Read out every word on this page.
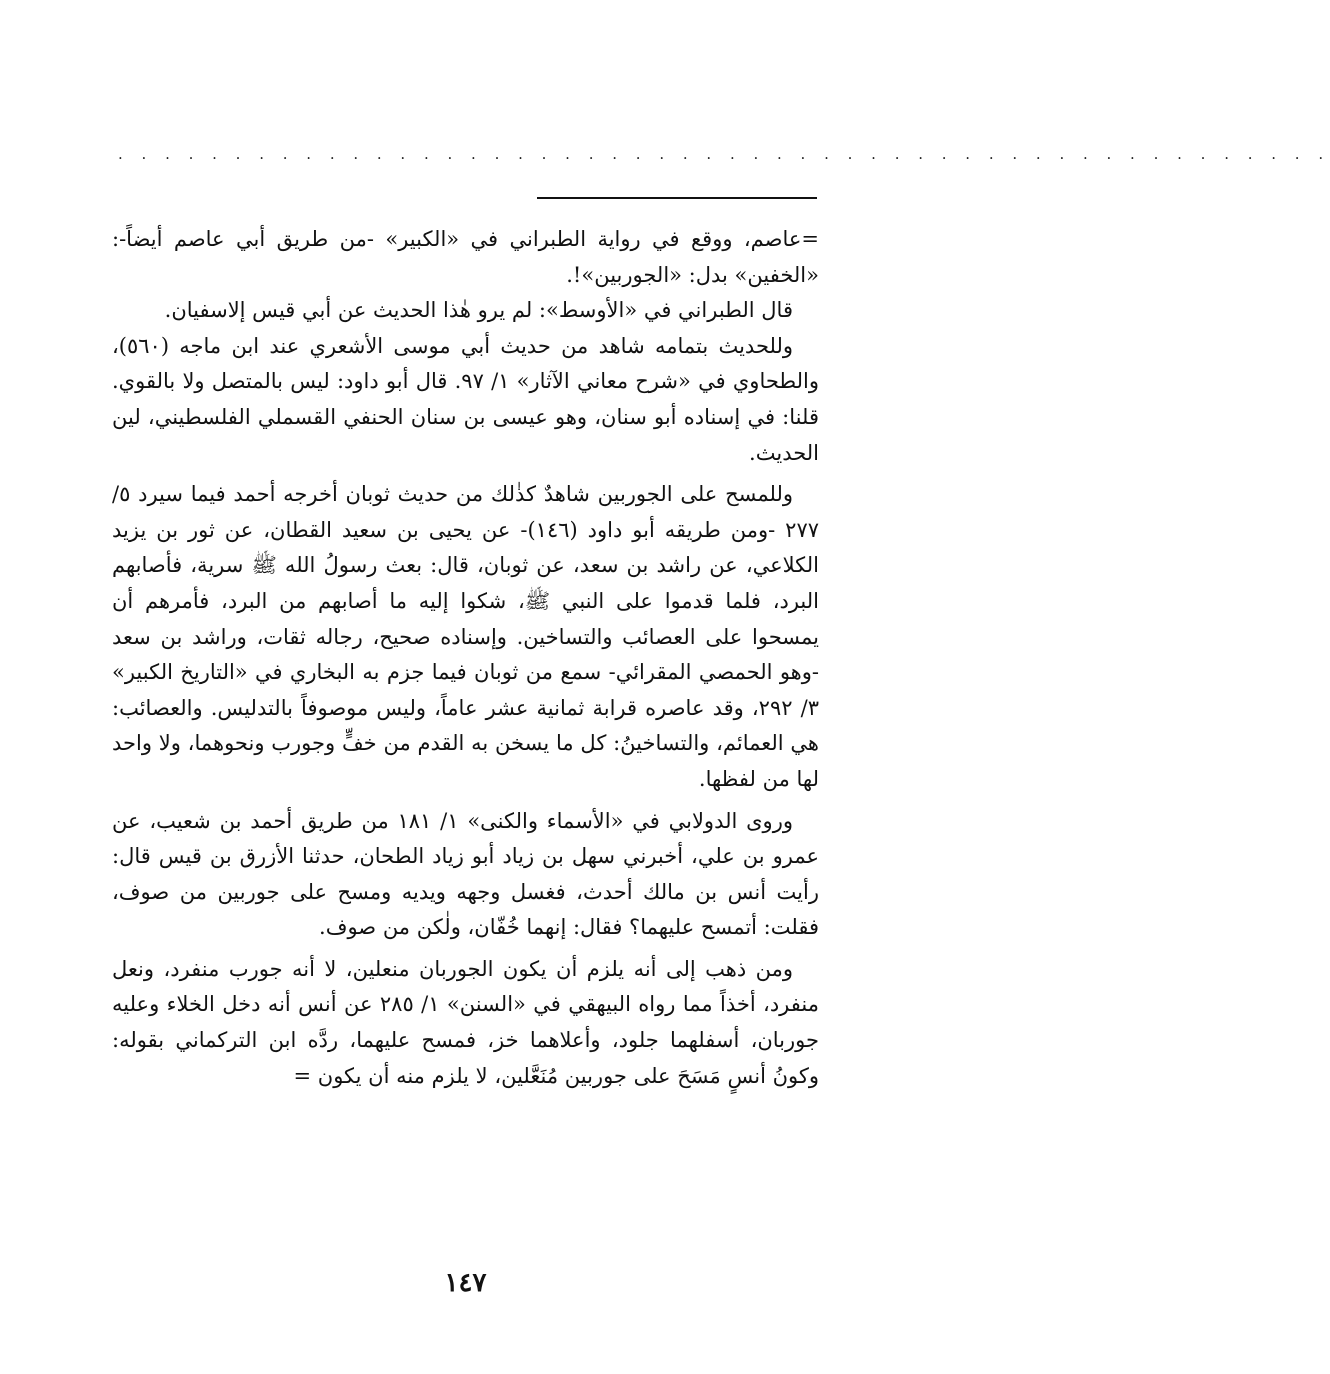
. . . . . . . . . . . . . . . . . . . . . . . . . . . . . . . . . . . . . . . . . . . . . . . . . . . .

=عاصم، ووقع في رواية الطبراني في «الكبير» -من طريق أبي عاصم أيضاً-: «الخفين» بدل: «الجوربين»!.

قال الطبراني في «الأوسط»: لم يرو هٰذا الحديث عن أبي قيس إلاسفيان.

وللحديث بتمامه شاهد من حديث أبي موسى الأشعري عند ابن ماجه (٥٦٠)، والطحاوي في «شرح معاني الآثار» ١/ ٩٧. قال أبو داود: ليس بالمتصل ولا بالقوي. قلنا: في إسناده أبو سنان، وهو عيسى بن سنان الحنفي القسملي الفلسطيني، لين الحديث.

وللمسح على الجوربين شاهدٌ كذٰلك من حديث ثوبان أخرجه أحمد فيما سيرد ٥/ ٢٧٧ -ومن طريقه أبو داود (١٤٦)- عن يحيى بن سعيد القطان، عن ثور بن يزيد الكلاعي، عن راشد بن سعد، عن ثوبان، قال: بعث رسولُ الله ﷺ سرية، فأصابهم البرد، فلما قدموا على النبي ﷺ، شكوا إليه ما أصابهم من البرد، فأمرهم أن يمسحوا على العصائب والتساخين. وإسناده صحيح، رجاله ثقات، وراشد بن سعد -وهو الحمصي المقرائي- سمع من ثوبان فيما جزم به البخاري في «التاريخ الكبير» ٣/ ٢٩٢، وقد عاصره قرابة ثمانية عشر عاماً، وليس موصوفاً بالتدليس. والعصائب: هي العمائم، والتساخينُ: كل ما يسخن به القدم من خفٍّ وجورب ونحوهما، ولا واحد لها من لفظها.

وروى الدولابي في «الأسماء والكنى» ١/ ١٨١ من طريق أحمد بن شعيب، عن عمرو بن علي، أخبرني سهل بن زياد أبو زياد الطحان، حدثنا الأزرق بن قيس قال: رأيت أنس بن مالك أحدث، فغسل وجهه ويديه ومسح على جوربين من صوف، فقلت: أتمسح عليهما؟ فقال: إنهما خُفّان، ولٰكن من صوف.

ومن ذهب إلى أنه يلزم أن يكون الجوربان منعلين، لا أنه جورب منفرد، ونعل منفرد، أخذاً مما رواه البيهقي في «السنن» ١/ ٢٨٥ عن أنس أنه دخل الخلاء وعليه جوربان، أسفلهما جلود، وأعلاهما خز، فمسح عليهما، ردَّه ابن التركماني بقوله: وكونُ أنسٍ مَسَحَ على جوربين مُنَعَّلين، لا يلزم منه أن يكون =

١٤٧
